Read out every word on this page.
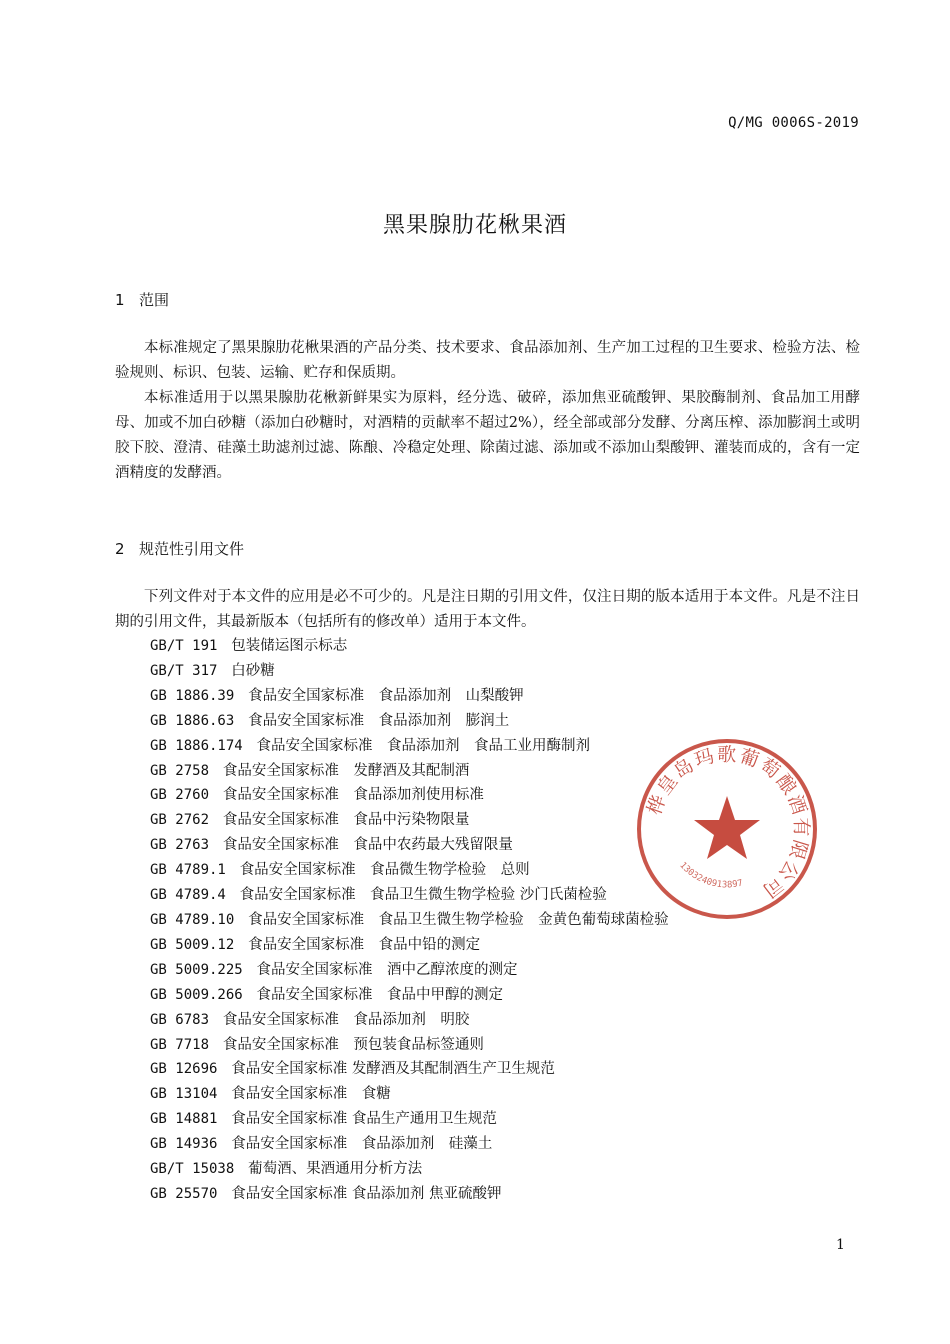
Q/MG 0006S-2019
黑果腺肋花楸果酒
1 范围

本标准规定了黑果腺肋花楸果酒的产品分类、技术要求、食品添加剂、生产加工过程的卫生要求、检验方法、检验规则、标识、包装、运输、贮存和保质期。

本标准适用于以黑果腺肋花楸新鲜果实为原料，经分选、破碎，添加焦亚硫酸钾、果胶酶制剂、食品加工用酵母、加或不加白砂糖（添加白砂糖时，对酒精的贡献率不超过2%），经全部或部分发酵、分离压榨、添加膨润土或明胶下胶、澄清、硅藻土助滤剂过滤、陈酿、冷稳定处理、除菌过滤、添加或不添加山梨酸钾、灌装而成的，含有一定酒精度的发酵酒。

2 规范性引用文件

下列文件对于本文件的应用是必不可少的。凡是注日期的引用文件，仅注日期的版本适用于本文件。凡是不注日期的引用文件，其最新版本（包括所有的修改单）适用于本文件。

GB/T 191 包装储运图示标志
GB/T 317 白砂糖
GB 1886.39 食品安全国家标准　食品添加剂　山梨酸钾
GB 1886.63 食品安全国家标准　食品添加剂　膨润土
GB 1886.174 食品安全国家标准　食品添加剂　食品工业用酶制剂
GB 2758 食品安全国家标准　发酵酒及其配制酒
GB 2760 食品安全国家标准　食品添加剂使用标准
GB 2762 食品安全国家标准　食品中污染物限量
GB 2763 食品安全国家标准　食品中农药最大残留限量
GB 4789.1 食品安全国家标准　食品微生物学检验　总则
GB 4789.4 食品安全国家标准　食品卫生微生物学检验 沙门氏菌检验
GB 4789.10 食品安全国家标准　食品卫生微生物学检验　金黄色葡萄球菌检验
GB 5009.12 食品安全国家标准　食品中铅的测定
GB 5009.225 食品安全国家标准　酒中乙醇浓度的测定
GB 5009.266 食品安全国家标准　食品中甲醇的测定
GB 6783 食品安全国家标准　食品添加剂　明胶
GB 7718 食品安全国家标准　预包装食品标签通则
GB 12696 食品安全国家标准 发酵酒及其配制酒生产卫生规范
GB 13104 食品安全国家标准　食糖
GB 14881 食品安全国家标准 食品生产通用卫生规范
GB 14936 食品安全国家标准　食品添加剂　硅藻土
GB/T 15038 葡萄酒、果酒通用分析方法
GB 25570 食品安全国家标准 食品添加剂 焦亚硫酸钾
桦皇岛玛歌葡萄酿酒有限公司
1303240913897
1
